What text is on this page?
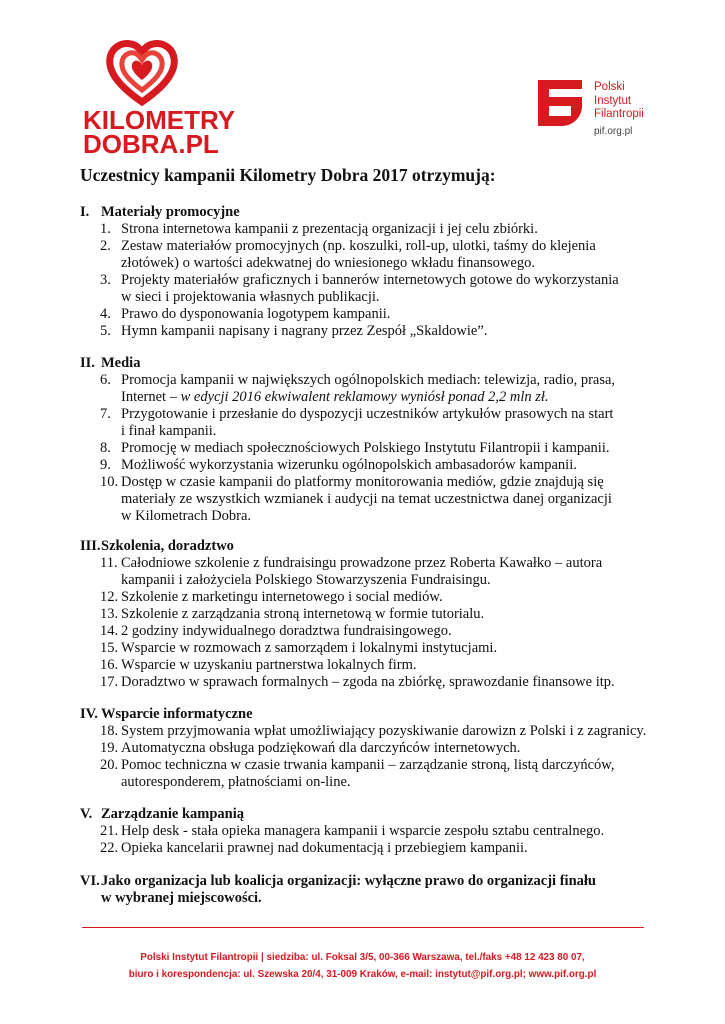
KILOMETRY
DOBRA.PL
Polski
Instytut
Filantropii
pif.org.pl
Uczestnicy kampanii Kilometry Dobra 2017 otrzymują:
I. Materiały promocyjne
1. Strona internetowa kampanii z prezentacją organizacji i jej celu zbiórki.
2. Zestaw materiałów promocyjnych (np. koszulki, roll-up, ulotki, taśmy do klejenia
złotówek) o wartości adekwatnej do wniesionego wkładu finansowego.
3. Projekty materiałów graficznych i bannerów internetowych gotowe do wykorzystania
w sieci i projektowania własnych publikacji.
4. Prawo do dysponowania logotypem kampanii.
5. Hymn kampanii napisany i nagrany przez Zespół „Skaldowie”.
II. Media
6. Promocja kampanii w największych ogólnopolskich mediach: telewizja, radio, prasa,
Internet – w edycji 2016 ekwiwalent reklamowy wyniósł ponad 2,2 mln zł.
7. Przygotowanie i przesłanie do dyspozycji uczestników artykułów prasowych na start
i finał kampanii.
8. Promocję w mediach społecznościowych Polskiego Instytutu Filantropii i kampanii.
9. Możliwość wykorzystania wizerunku ogólnopolskich ambasadorów kampanii.
10. Dostęp w czasie kampanii do platformy monitorowania mediów, gdzie znajdują się
materiały ze wszystkich wzmianek i audycji na temat uczestnictwa danej organizacji
w Kilometrach Dobra.
III.Szkolenia, doradztwo
11. Całodniowe szkolenie z fundraisingu prowadzone przez Roberta Kawałko – autora
kampanii i założyciela Polskiego Stowarzyszenia Fundraisingu.
12. Szkolenie z marketingu internetowego i social mediów.
13. Szkolenie z zarządzania stroną internetową w formie tutorialu.
14. 2 godziny indywidualnego doradztwa fundraisingowego.
15. Wsparcie w rozmowach z samorządem i lokalnymi instytucjami.
16. Wsparcie w uzyskaniu partnerstwa lokalnych firm.
17. Doradztwo w sprawach formalnych – zgoda na zbiórkę, sprawozdanie finansowe itp.
IV. Wsparcie informatyczne
18. System przyjmowania wpłat umożliwiający pozyskiwanie darowizn z Polski i z zagranicy.
19. Automatyczna obsługa podziękowań dla darczyńców internetowych.
20. Pomoc techniczna w czasie trwania kampanii – zarządzanie stroną, listą darczyńców,
autoresponderem, płatnościami on-line.
V. Zarządzanie kampanią
21. Help desk - stała opieka managera kampanii i wsparcie zespołu sztabu centralnego.
22. Opieka kancelarii prawnej nad dokumentacją i przebiegiem kampanii.
VI.Jako organizacja lub koalicja organizacji: wyłączne prawo do organizacji finału
w wybranej miejscowości.
Polski Instytut Filantropii | siedziba: ul. Foksal 3/5, 00-366 Warszawa, tel./faks +48 12 423 80 07,
biuro i korespondencja: ul. Szewska 20/4, 31-009 Kraków, e-mail: instytut@pif.org.pl; www.pif.org.pl
